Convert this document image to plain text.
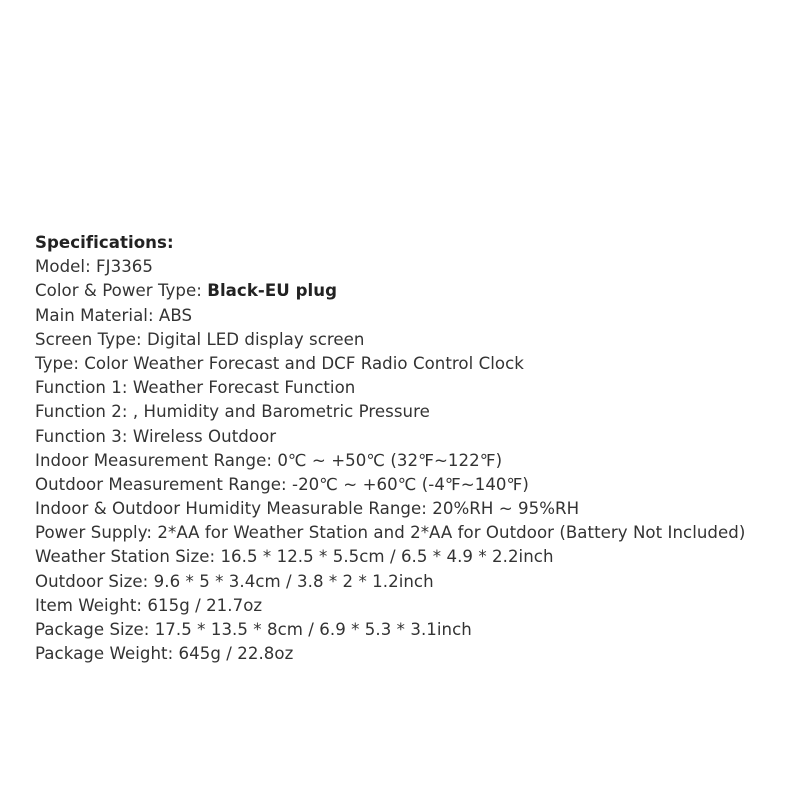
Specifications:
Model: FJ3365
Color & Power Type: Black-EU plug
Main Material: ABS
Screen Type: Digital LED display screen
Type: Color Weather Forecast and DCF Radio Control Clock
Function 1: Weather Forecast Function
Function 2: , Humidity and Barometric Pressure
Function 3: Wireless Outdoor
Indoor Measurement Range: 0℃ ~ +50℃ (32℉~122℉)
Outdoor Measurement Range: -20℃ ~ +60℃ (-4℉~140℉)
Indoor & Outdoor Humidity Measurable Range: 20%RH ~ 95%RH
Power Supply: 2*AA for Weather Station and 2*AA for Outdoor (Battery Not Included)
Weather Station Size: 16.5 * 12.5 * 5.5cm / 6.5 * 4.9 * 2.2inch
Outdoor Size: 9.6 * 5 * 3.4cm / 3.8 * 2 * 1.2inch
Item Weight: 615g / 21.7oz
Package Size: 17.5 * 13.5 * 8cm / 6.9 * 5.3 * 3.1inch
Package Weight: 645g / 22.8oz
